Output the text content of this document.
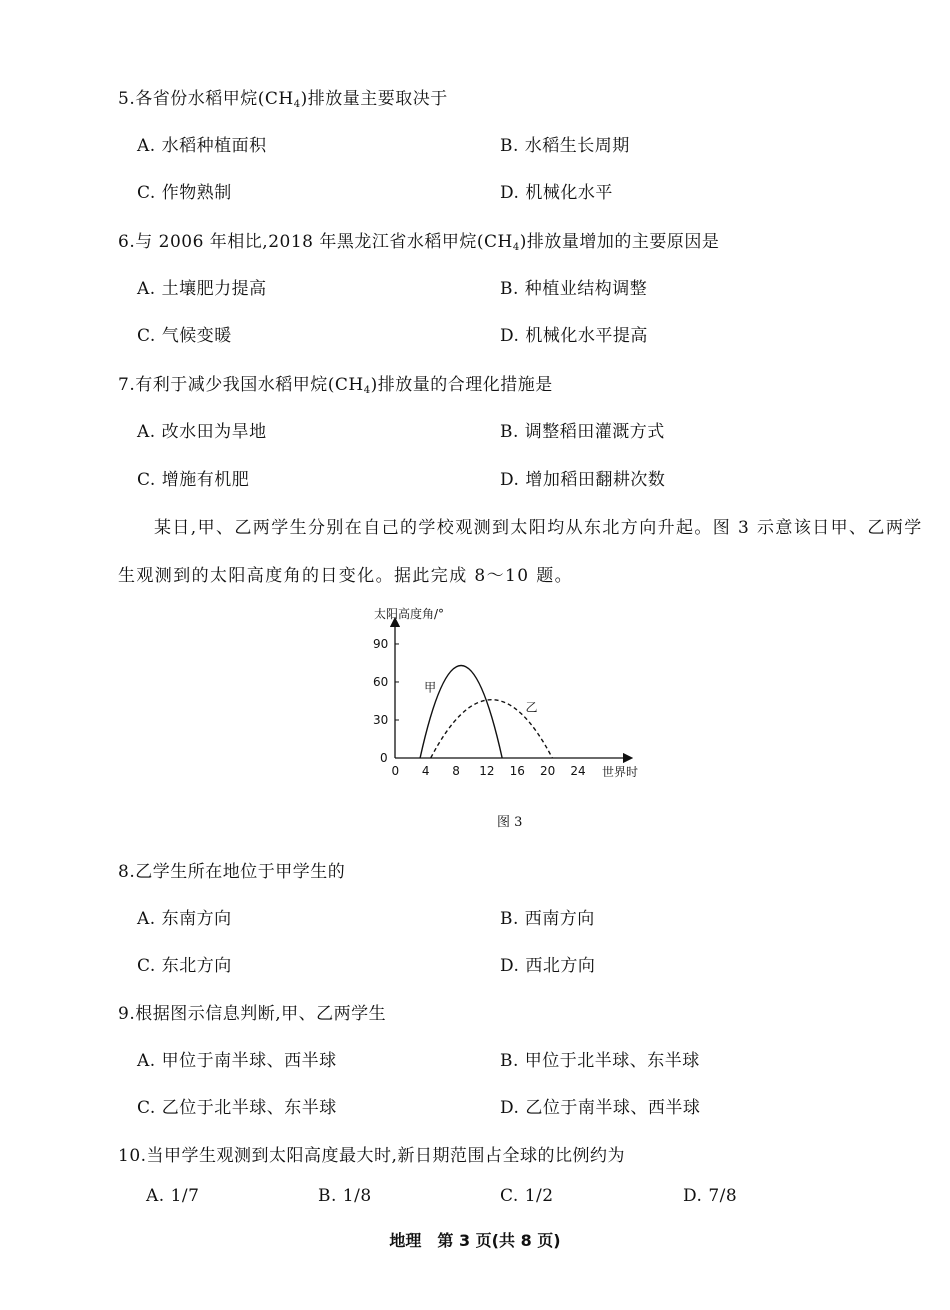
5.各省份水稻甲烷$(CH_4)$排放量主要取决于
A. 水稻种植面积	B. 水稻生长周期
C. 作物熟制	D. 机械化水平
6.与 2006 年相比,2018 年黑龙江省水稻甲烷$(CH_4)$排放量增加的主要原因是
A. 土壤肥力提高	B. 种植业结构调整
C. 气候变暖	D. 机械化水平提高
7.有利于减少我国水稻甲烷$(CH_4)$排放量的合理化措施是
A. 改水田为旱地	B. 调整稻田灌溉方式
C. 增施有机肥	D. 增加稻田翻耕次数
某日,甲、乙两学生分别在自己的学校观测到太阳均从东北方向升起。图 3 示意该日甲、乙两学
生观测到的太阳高度角的日变化。据此完成 8～10 题。
太阳高度角/°
世界时
0 4 8 12 16 20 24
0
30
60
90
甲
乙
图 3
8.乙学生所在地位于甲学生的
A. 东南方向	B. 西南方向
C. 东北方向	D. 西北方向
9.根据图示信息判断,甲、乙两学生
A. 甲位于南半球、西半球	B. 甲位于北半球、东半球
C. 乙位于北半球、东半球	D. 乙位于南半球、西半球
10.当甲学生观测到太阳高度最大时,新日期范围占全球的比例约为
A. 1/7	B. 1/8	C. 1/2	D. 7/8
地理　第 3 页(共 8 页)
